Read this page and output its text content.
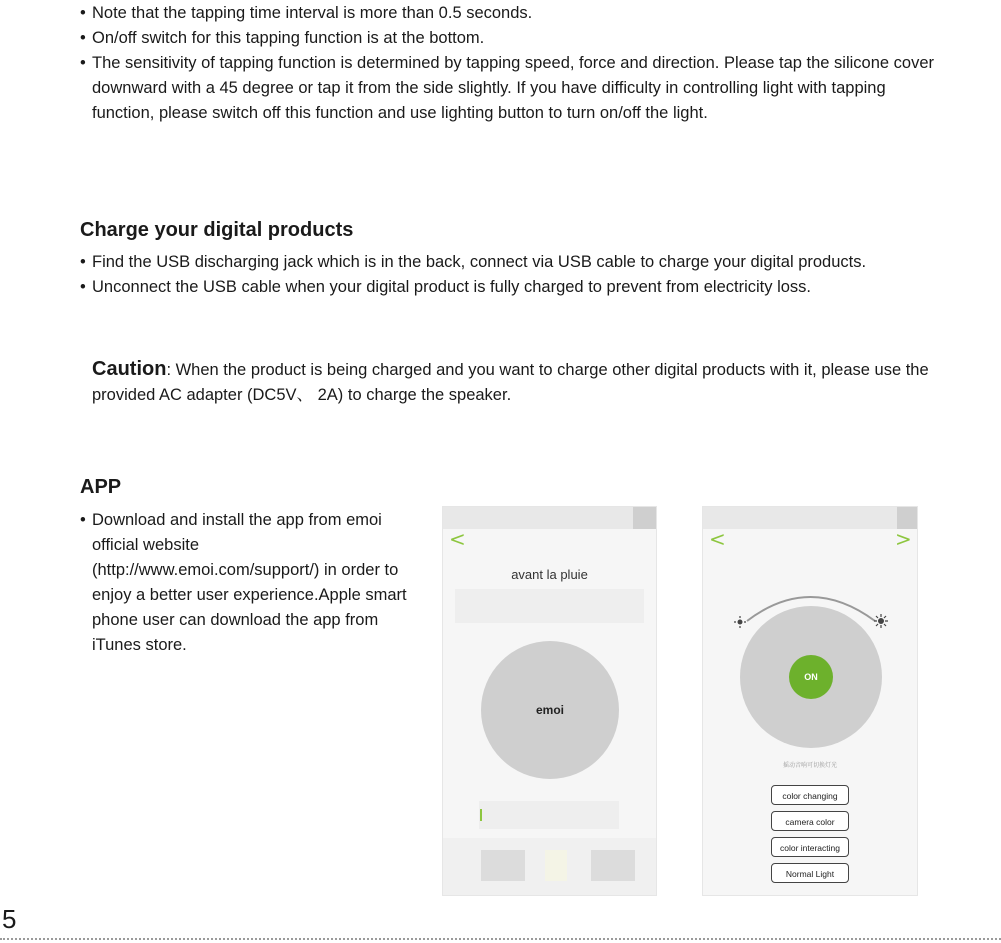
• Note that the tapping time interval is more than 0.5 seconds.
• On/off switch for this tapping function is at the bottom.
• The sensitivity of tapping function is determined by tapping speed, force and direction. Please tap the silicone cover downward with a 45 degree or tap it from the side slightly. If you have difficulty in controlling light with tapping function, please switch off this function and use lighting button to turn on/off the light.
Charge your digital products
• Find the USB discharging jack which is in the back, connect via USB cable to charge your digital products.
• Unconnect the USB cable when your digital product is fully charged to prevent from electricity loss.
Caution: When the product is being charged and you want to charge other digital products with it, please use the provided AC adapter (DC5V、 2A) to charge the speaker.
APP
• Download and install the app from emoi official website (http://www.emoi.com/support/) in order to enjoy a better user experience.Apple smart phone user can download the app from iTunes store.
<
avant la pluie
emoi
<	>
ON
摇动音响可切换灯光
color changing
camera color
color interacting
Normal Light
5
